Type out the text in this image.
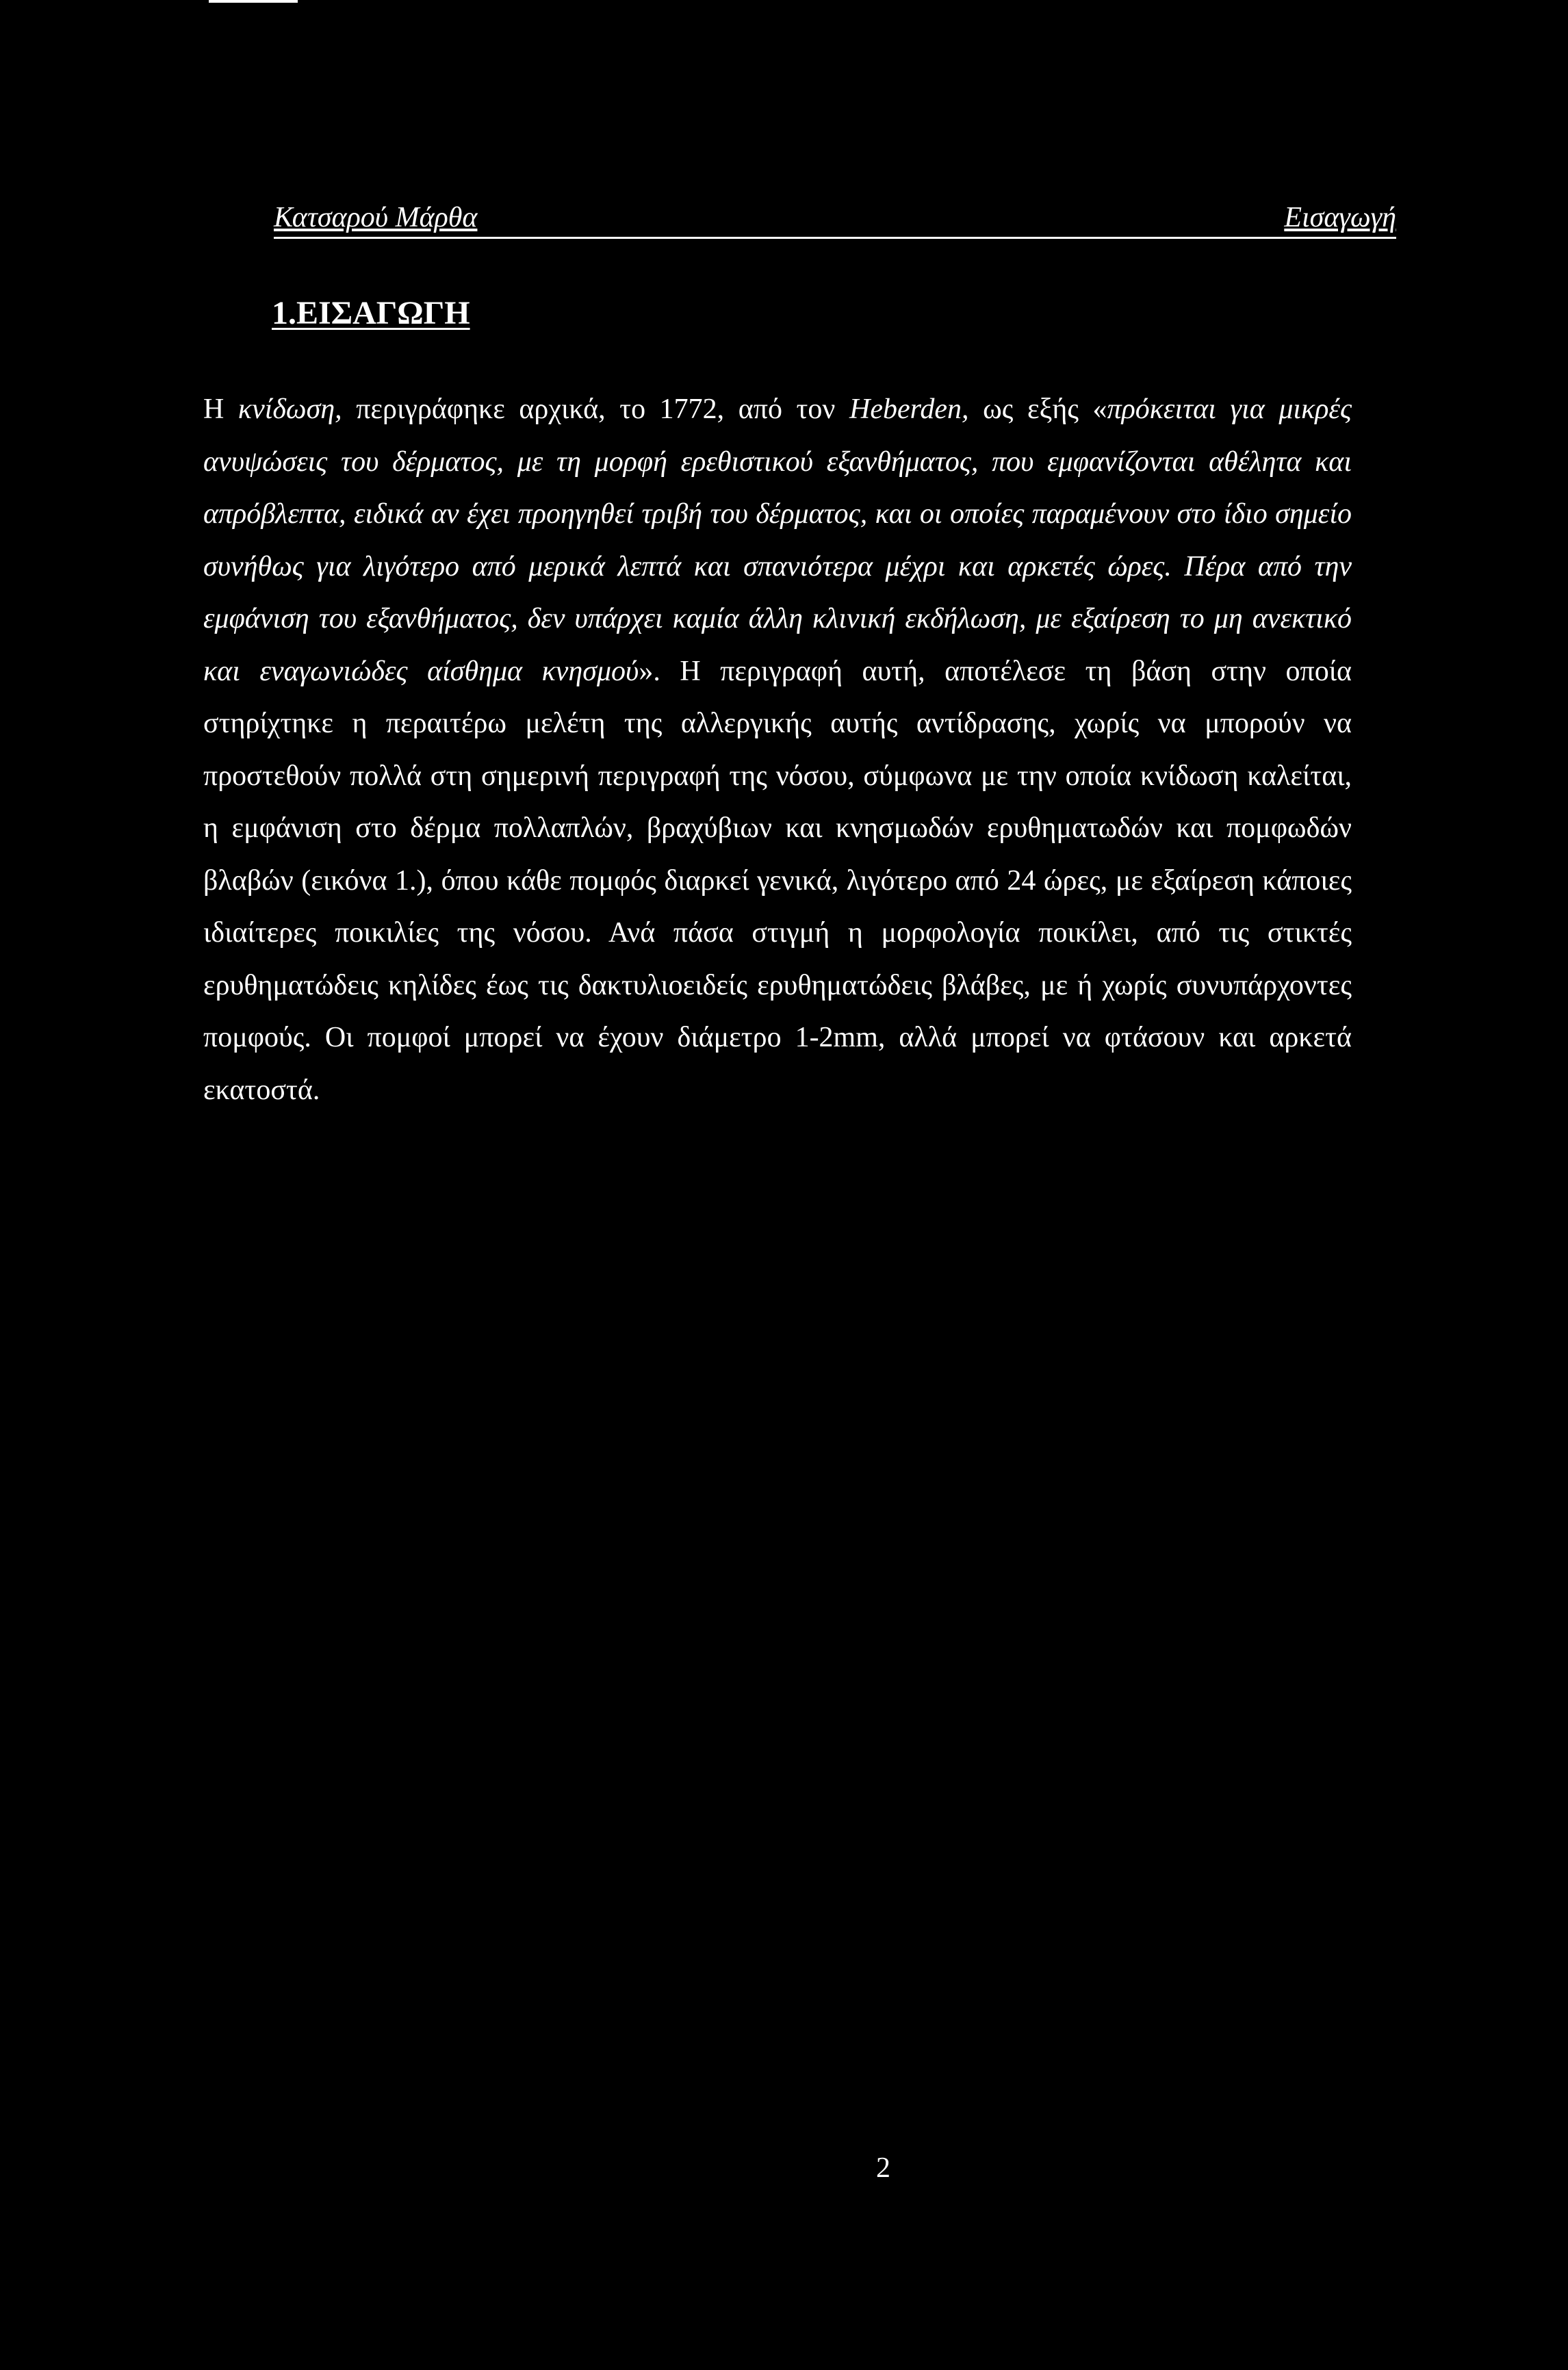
Κατσαρού Μάρθα	Εισαγωγή
1.ΕΙΣΑΓΩΓΗ

Η κνίδωση, περιγράφηκε αρχικά, το 1772, από τον Heberden, ως εξής «πρόκειται για μικρές ανυψώσεις του δέρματος, με τη μορφή ερεθιστικού εξανθήματος, που εμφανίζονται αθέλητα και απρόβλεπτα, ειδικά αν έχει προηγηθεί τριβή του δέρματος, και οι οποίες παραμένουν στο ίδιο σημείο συνήθως για λιγότερο από μερικά λεπτά και σπανιότερα μέχρι και αρκετές ώρες. Πέρα από την εμφάνιση του εξανθήματος, δεν υπάρχει καμία άλλη κλινική εκδήλωση, με εξαίρεση το μη ανεκτικό και εναγωνιώδες αίσθημα κνησμού». Η περιγραφή αυτή, αποτέλεσε τη βάση στην οποία στηρίχτηκε η περαιτέρω μελέτη της αλλεργικής αυτής αντίδρασης, χωρίς να μπορούν να προστεθούν πολλά στη σημερινή περιγραφή της νόσου, σύμφωνα με την οποία κνίδωση καλείται, η εμφάνιση στο δέρμα πολλαπλών, βραχύβιων και κνησμωδών ερυθηματωδών και πομφωδών βλαβών (εικόνα 1.), όπου κάθε πομφός διαρκεί γενικά, λιγότερο από 24 ώρες, με εξαίρεση κάποιες ιδιαίτερες ποικιλίες της νόσου. Ανά πάσα στιγμή η μορφολογία ποικίλει, από τις στικτές ερυθηματώδεις κηλίδες έως τις δακτυλιοειδείς ερυθηματώδεις βλάβες, με ή χωρίς συνυπάρχοντες πομφούς. Οι πομφοί μπορεί να έχουν διάμετρο 1-2mm, αλλά μπορεί να φτάσουν και αρκετά εκατοστά.

2
